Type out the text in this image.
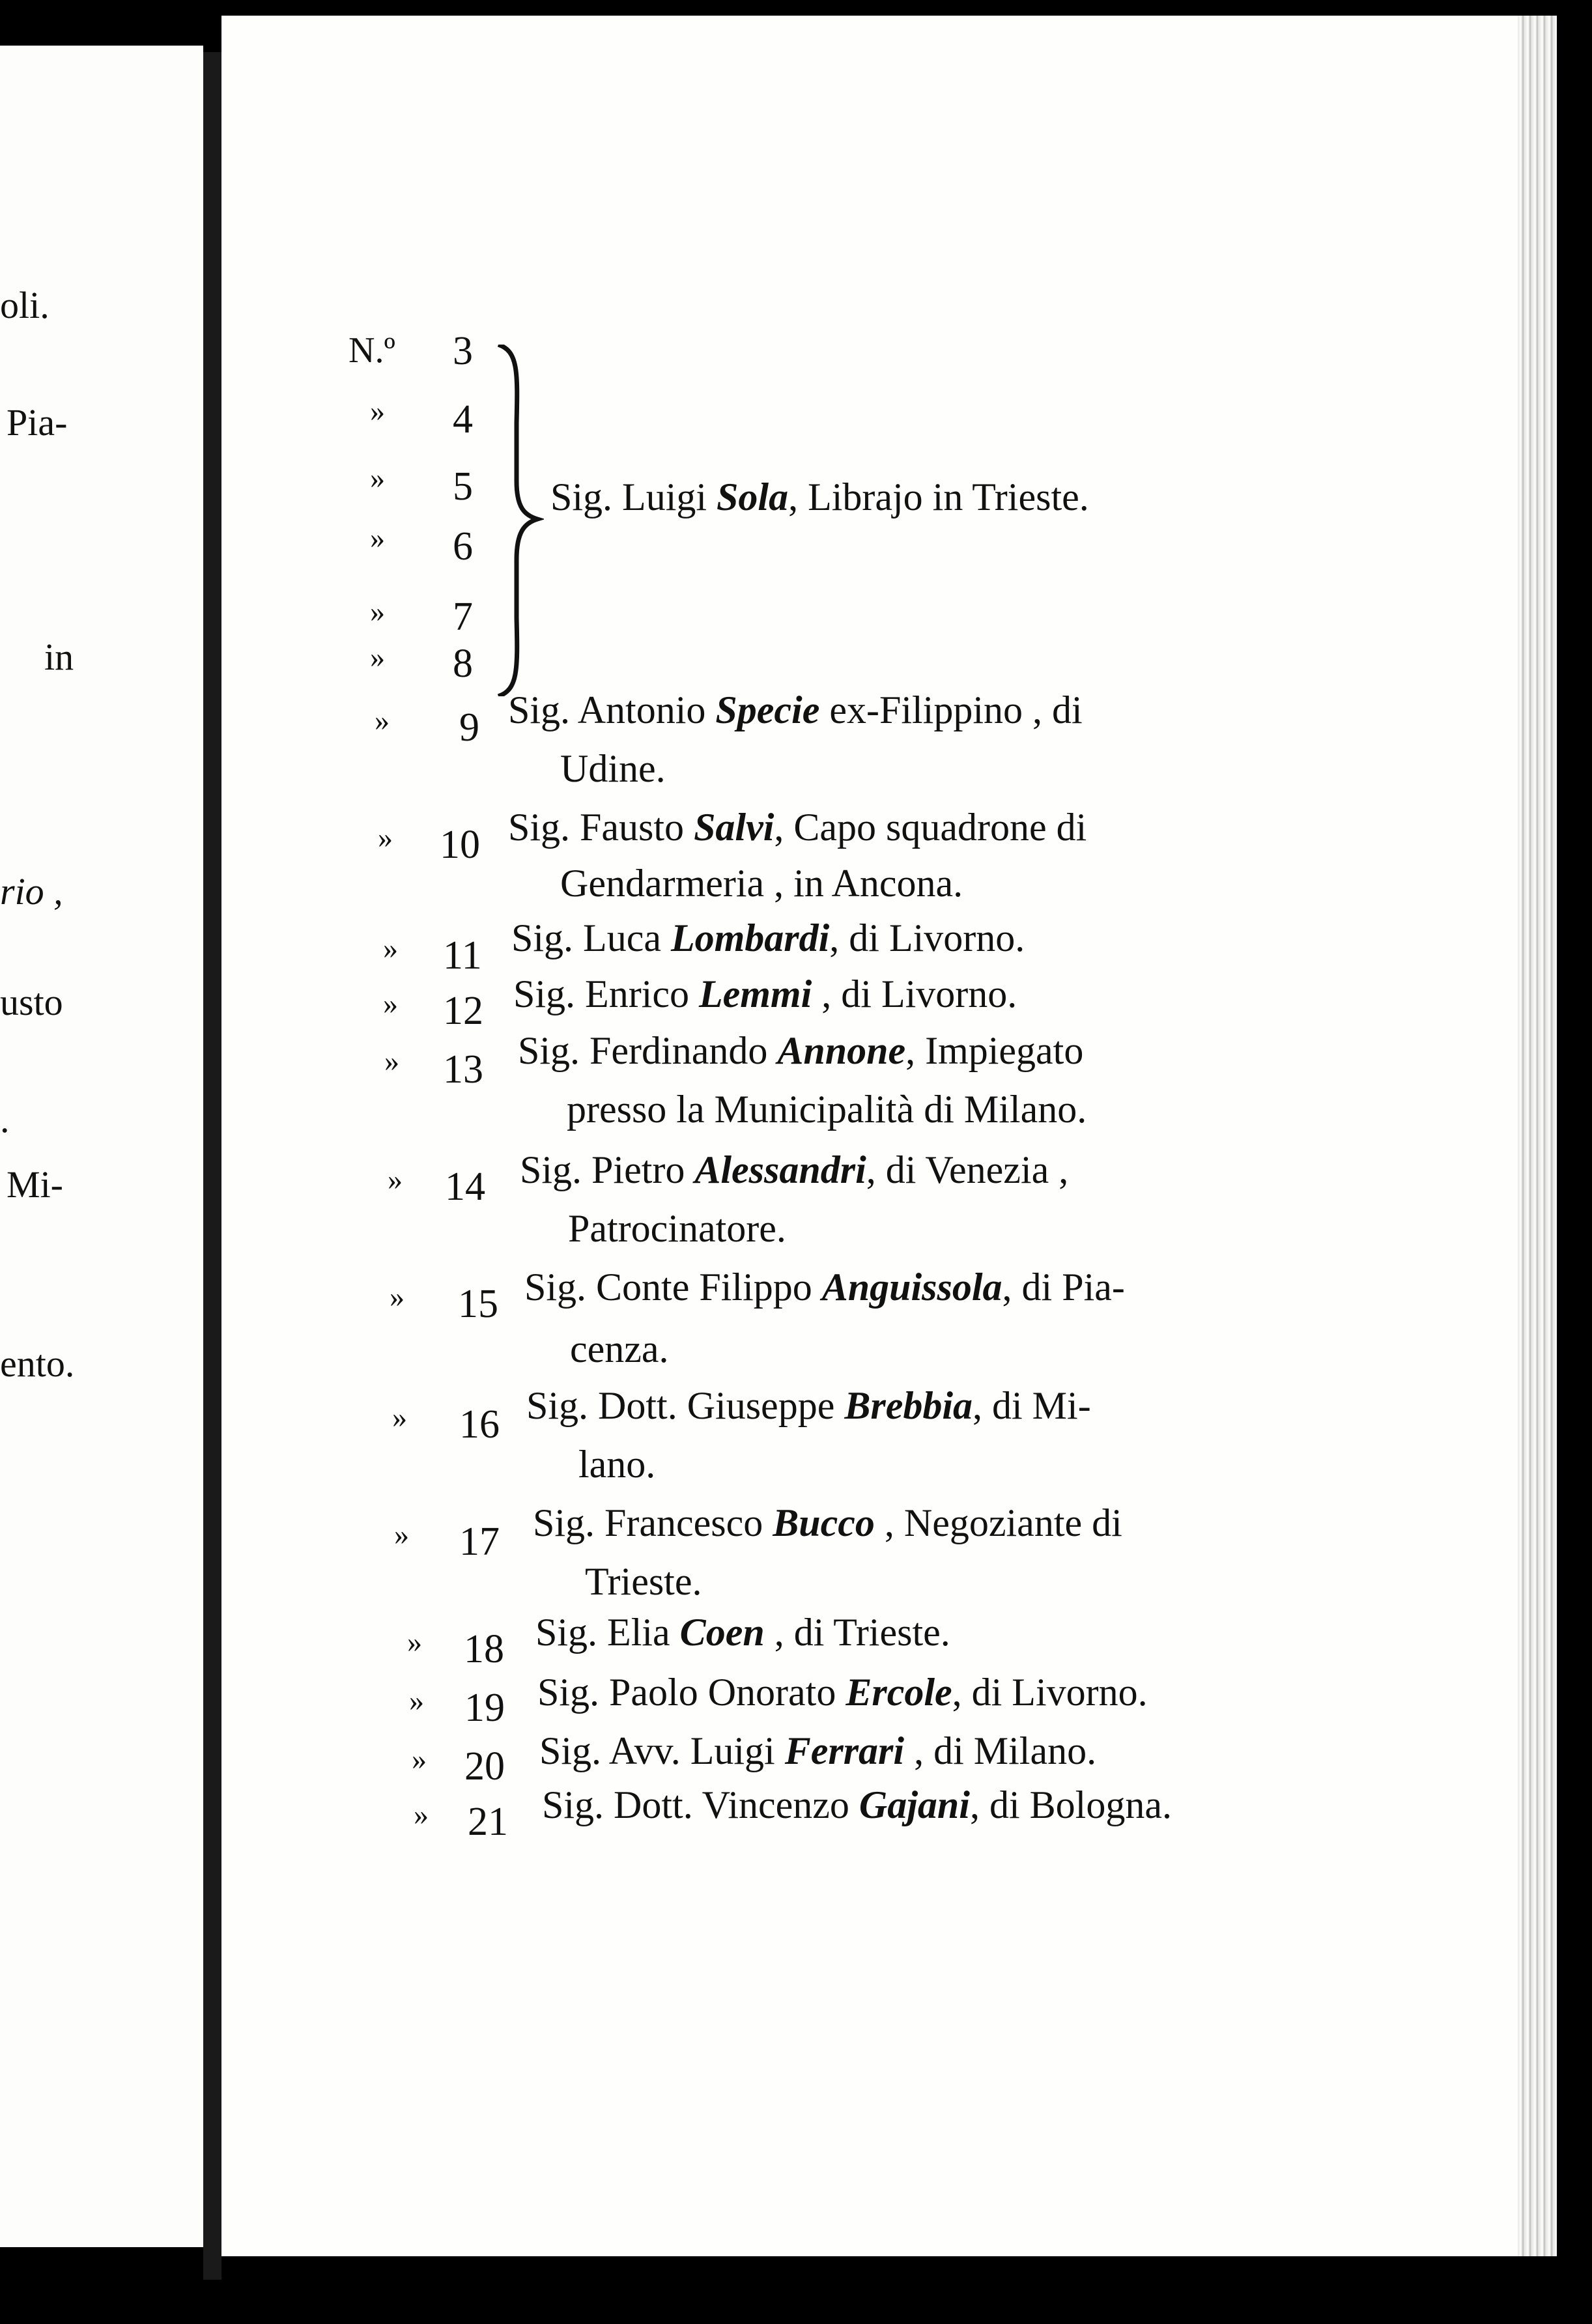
oli.
Pia-
in
rio ,
usto
.
Mi-
ento.
N.º 3
» 4
» 5
» 6
» 7
» 8
Sig. Luigi Sola, Librajo in Trieste.
» 9 Sig. Antonio Specie ex-Filippino , di
Udine.
» 10 Sig. Fausto Salvi, Capo squadrone di
Gendarmeria , in Ancona.
» 11 Sig. Luca Lombardi, di Livorno.
» 12 Sig. Enrico Lemmi , di Livorno.
» 13 Sig. Ferdinando Annone, Impiegato
presso la Municipalità di Milano.
» 14 Sig. Pietro Alessandri, di Venezia ,
Patrocinatore.
» 15 Sig. Conte Filippo Anguissola, di Pia-
cenza.
» 16 Sig. Dott. Giuseppe Brebbia, di Mi-
lano.
» 17 Sig. Francesco Bucco , Negoziante di
Trieste.
» 18 Sig. Elia Coen , di Trieste.
» 19 Sig. Paolo Onorato Ercole, di Livorno.
» 20 Sig. Avv. Luigi Ferrari , di Milano.
» 21 Sig. Dott. Vincenzo Gajani, di Bologna.
